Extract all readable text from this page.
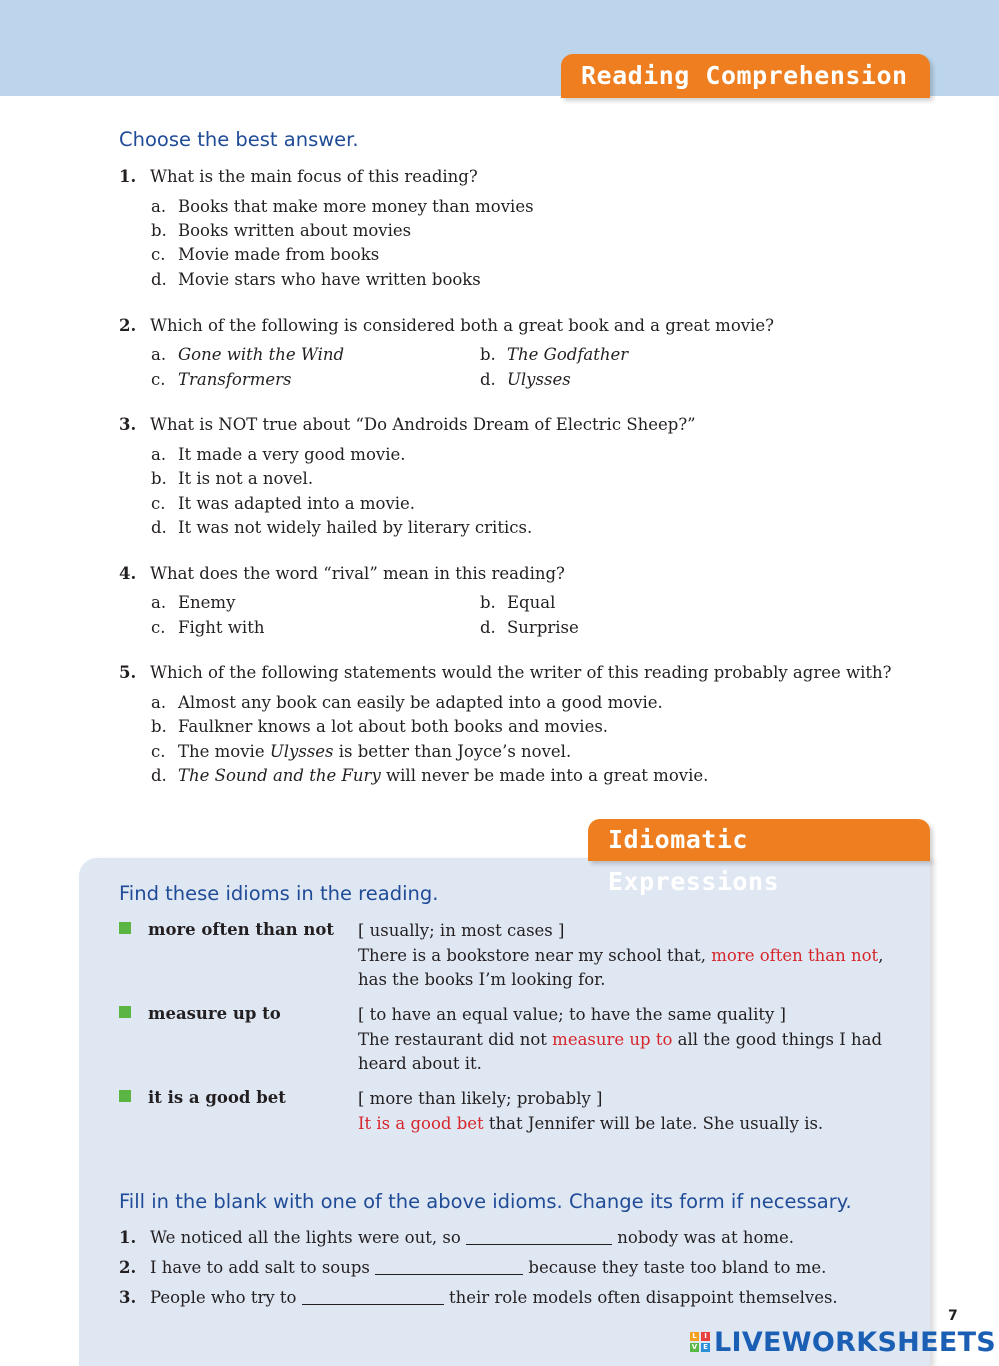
Reading Comprehension
Choose the best answer.
1. What is the main focus of this reading?
a. Books that make more money than movies
b. Books written about movies
c. Movie made from books
d. Movie stars who have written books
2. Which of the following is considered both a great book and a great movie?
a. Gone with the Wind	b. The Godfather
c. Transformers	d. Ulysses
3. What is NOT true about “Do Androids Dream of Electric Sheep?”
a. It made a very good movie.
b. It is not a novel.
c. It was adapted into a movie.
d. It was not widely hailed by literary critics.
4. What does the word “rival” mean in this reading?
a. Enemy	b. Equal
c. Fight with	d. Surprise
5. Which of the following statements would the writer of this reading probably agree with?
a. Almost any book can easily be adapted into a good movie.
b. Faulkner knows a lot about both books and movies.
c. The movie Ulysses is better than Joyce’s novel.
d. The Sound and the Fury will never be made into a great movie.
Idiomatic Expressions
Find these idioms in the reading.
more often than not [ usually; in most cases ]
There is a bookstore near my school that, more often than not, has the books I’m looking for.
measure up to	[ to have an equal value; to have the same quality ]
The restaurant did not measure up to all the good things I had heard about it.
it is a good bet	[ more than likely; probably ]
It is a good bet that Jennifer will be late. She usually is.
Fill in the blank with one of the above idioms. Change its form if necessary.
1. We noticed all the lights were out, so	nobody was at home.
2. I have to add salt to soups	because they taste too bland to me.
3. People who try to	their role models often disappoint themselves.
7
L	I
V E LIVEWORKSHEETS
